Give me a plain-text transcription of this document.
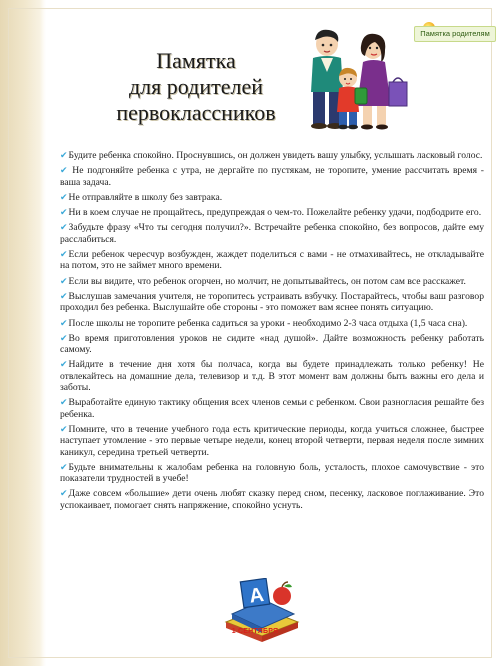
Памятка родителям
Памятка
для родителей
первоклассников

✔Будите ребенка спокойно. Проснувшись, он должен увидеть вашу улыбку, услышать ласковый голос.

✔ Не подгоняйте ребенка с утра, не дергайте по пустякам, не торопите, умение рассчитать время - ваша задача.

✔Не отправляйте в школу без завтрака.

✔Ни в коем случае не прощайтесь, предупреждая о чем-то. Пожелайте ребенку удачи, подбодрите его.

✔Забудьте фразу «Что ты сегодня получил?». Встречайте ребенка спокойно, без вопросов, дайте ему расслабиться.

✔Если ребенок чересчур возбужден, жаждет поделиться с вами - не отмахивайтесь, не откладывайте на потом, это не займет много времени.

✔Если вы видите, что ребенок огорчен, но молчит, не допытывайтесь, он потом сам все расскажет.

✔Выслушав замечания учителя, не торопитесь устраивать взбучку. Постарайтесь, чтобы ваш разговор проходил без ребенка. Выслушайте обе стороны - это поможет вам яснее понять ситуацию.

✔После школы не торопите ребенка садиться за уроки - необходимо 2-3 часа отдыха (1,5 часа сна).

✔Во время приготовления уроков не сидите «над душой». Дайте возможность ребенку работать самому.

✔Найдите в течение дня хотя бы полчаса, когда вы будете принадлежать только ребенку! Не отвлекайтесь на домашние дела, телевизор и т.д. В этот момент вам должны быть важны его дела и заботы.

✔Выработайте единую тактику общения всех членов семьи с ребенком. Свои разногласия решайте без ребенка.

✔Помните, что в течение учебного года есть критические периоды, когда учиться сложнее, быстрее наступает утомление - это первые четыре недели, конец второй четверти, первая неделя после зимних каникул, середина третьей четверти.

✔Будьте внимательны к жалобам ребенка на головную боль, усталость, плохое самочувствие - это показатели трудностей в учебе!

✔Даже совсем «большие» дети очень любят сказку перед сном, песенку, ласковое поглаживание. Это успокаивает, помогает снять напряжение, спокойно уснуть.

A
1 СЕНТЯБРЯ
